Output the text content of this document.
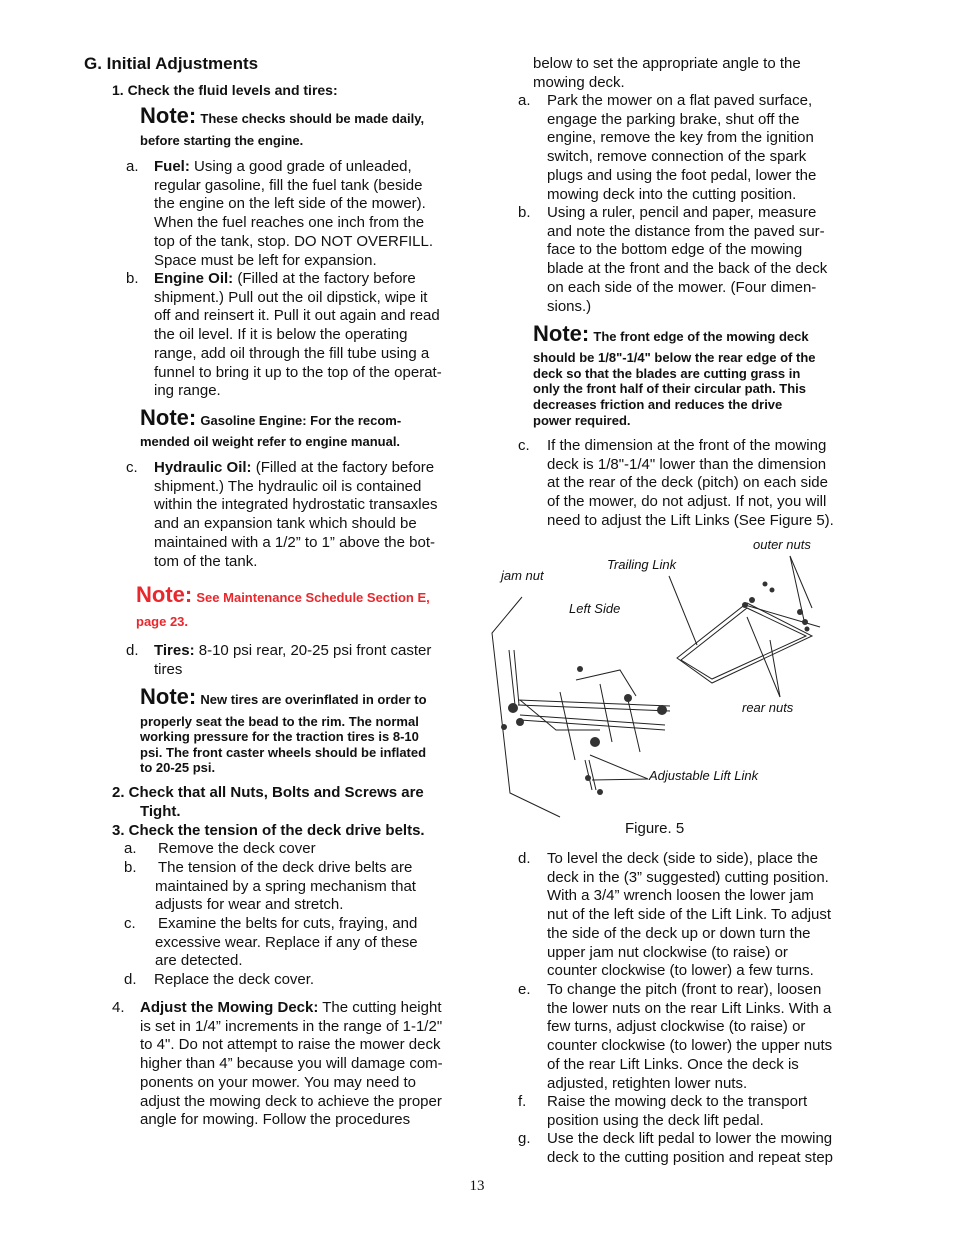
G. Initial Adjustments
1. Check the fluid levels and tires:
Note: These checks should be made daily,
before starting the engine.
a. Fuel: Using a good grade of unleaded,
regular gasoline, fill the fuel tank (beside
the engine on the left side of the mower).
When the fuel reaches one inch from the
top of the tank, stop. DO NOT OVERFILL.
Space must be left for expansion.
b. Engine Oil: (Filled at the factory before
shipment.) Pull out the oil dipstick, wipe it
off and reinsert it. Pull it out again and read
the oil level. If it is below the operating
range, add oil through the fill tube using a
funnel to bring it up to the top of the operat-
ing range.
Note: Gasoline Engine: For the recom-
mended oil weight refer to engine manual.
c. Hydraulic Oil: (Filled at the factory before
shipment.) The hydraulic oil is contained
within the integrated hydrostatic transaxles
and an expansion tank which should be
maintained with a 1/2” to 1” above the bot-
tom of the tank.
Note: See Maintenance Schedule Section E,
page 23.
d. Tires: 8-10 psi rear, 20-25 psi front caster
tires
Note: New tires are overinflated in order to
properly seat the bead to the rim. The normal
working pressure for the traction tires is 8-10
psi. The front caster wheels should be inflated
to 20-25 psi.
2. Check that all Nuts, Bolts and Screws are
Tight.
3. Check the tension of the deck drive belts.
a. Remove the deck cover
b. The tension of the deck drive belts are
maintained by a spring mechanism that
adjusts for wear and stretch.
c. Examine the belts for cuts, fraying, and
excessive wear. Replace if any of these
are detected.
d. Replace the deck cover.
4. Adjust the Mowing Deck: The cutting height
is set in 1/4” increments in the range of 1-1/2"
to 4". Do not attempt to raise the mower deck
higher than 4” because you will damage com-
ponents on your mower. You may need to
adjust the mowing deck to achieve the proper
angle for mowing. Follow the procedures
below to set the appropriate angle to the
mowing deck.
a. Park the mower on a flat paved surface,
engage the parking brake, shut off the
engine, remove the key from the ignition
switch, remove connection of the spark
plugs and using the foot pedal, lower the
mowing deck into the cutting position.
b. Using a ruler, pencil and paper, measure
and note the distance from the paved sur-
face to the bottom edge of the mowing
blade at the front and the back of the deck
on each side of the mower. (Four dimen-
sions.)
Note: The front edge of the mowing deck
should be 1/8"-1/4" below the rear edge of the
deck so that the blades are cutting grass in
only the front half of their circular path. This
decreases friction and reduces the drive
power required.
c. If the dimension at the front of the mowing
deck is 1/8"-1/4" lower than the dimension
at the rear of the deck (pitch) on each side
of the mower, do not adjust. If not, you will
need to adjust the Lift Links (See Figure 5).
d. To level the deck (side to side), place the
deck in the (3” suggested) cutting position.
With a 3/4” wrench loosen the lower jam
nut of the left side of the Lift Link. To adjust
the side of the deck up or down turn the
upper jam nut clockwise (to raise) or
counter clockwise (to lower) a few turns.
e. To change the pitch (front to rear), loosen
the lower nuts on the rear Lift Links. With a
few turns, adjust clockwise (to raise) or
counter clockwise (to lower) the upper nuts
of the rear Lift Links. Once the deck is
adjusted, retighten lower nuts.
f. Raise the mowing deck to the transport
position using the deck lift pedal.
g. Use the deck lift pedal to lower the mowing
deck to the cutting position and repeat step
outer nuts
Trailing Link
jam nut
Left Side
rear nuts
Adjustable Lift Link
Figure. 5
13
